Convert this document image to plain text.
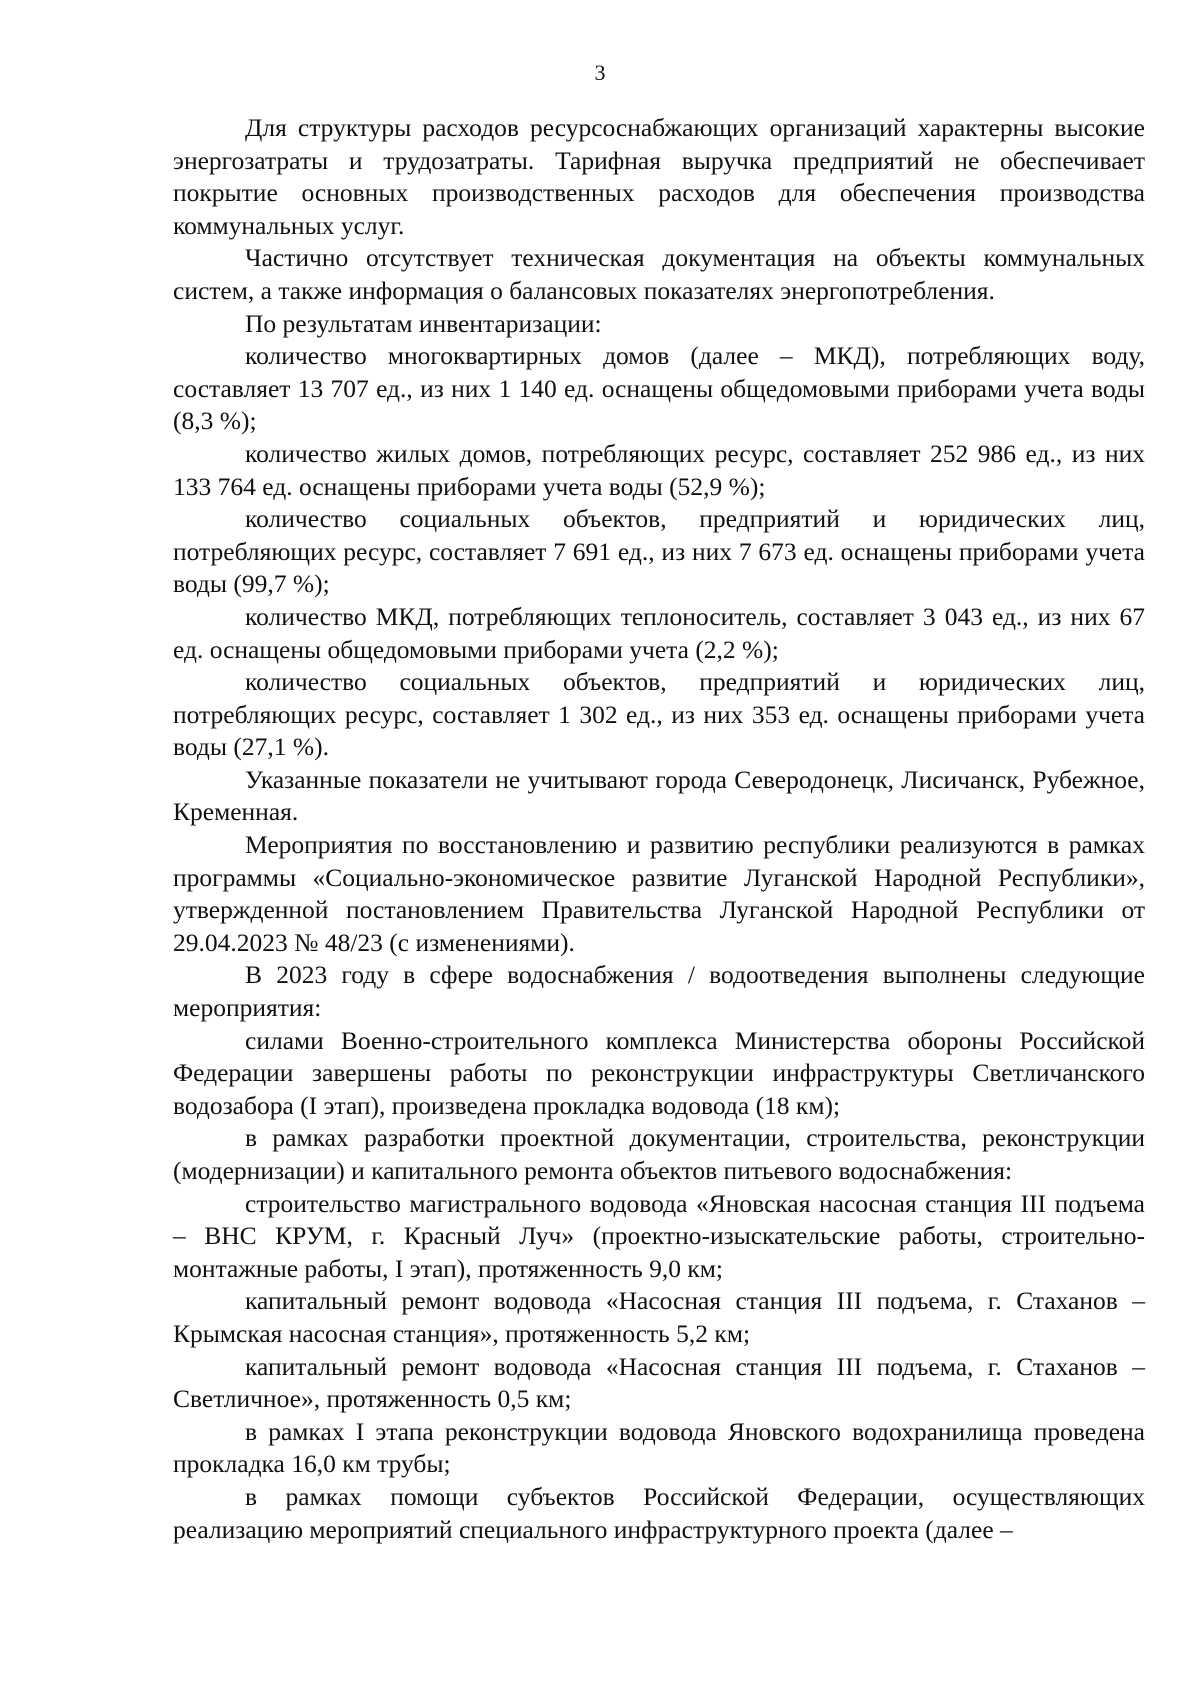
3

Для структуры расходов ресурсоснабжающих организаций характерны высокие энергозатраты и трудозатраты. Тарифная выручка предприятий не обеспечивает покрытие основных производственных расходов для обеспечения производства коммунальных услуг.

Частично отсутствует техническая документация на объекты коммунальных систем, а также информация о балансовых показателях энергопотребления.

По результатам инвентаризации:

количество многоквартирных домов (далее – МКД), потребляющих воду, составляет 13 707 ед., из них 1 140 ед. оснащены общедомовыми приборами учета воды (8,3 %);

количество жилых домов, потребляющих ресурс, составляет 252 986 ед., из них 133 764 ед. оснащены приборами учета воды (52,9 %);

количество социальных объектов, предприятий и юридических лиц, потребляющих ресурс, составляет 7 691 ед., из них 7 673 ед. оснащены приборами учета воды (99,7 %);

количество МКД, потребляющих теплоноситель, составляет 3 043 ед., из них 67 ед. оснащены общедомовыми приборами учета (2,2 %);

количество социальных объектов, предприятий и юридических лиц, потребляющих ресурс, составляет 1 302 ед., из них 353 ед. оснащены приборами учета воды (27,1 %).

Указанные показатели не учитывают города Северодонецк, Лисичанск, Рубежное, Кременная.

Мероприятия по восстановлению и развитию республики реализуются в рамках программы «Социально-экономическое развитие Луганской Народной Республики», утвержденной постановлением Правительства Луганской Народной Республики от 29.04.2023 № 48/23 (с изменениями).

В 2023 году в сфере водоснабжения / водоотведения выполнены следующие мероприятия:

силами Военно-строительного комплекса Министерства обороны Российской Федерации завершены работы по реконструкции инфраструктуры Светличанского водозабора (I этап), произведена прокладка водовода (18 км);

в рамках разработки проектной документации, строительства, реконструкции (модернизации) и капитального ремонта объектов питьевого водоснабжения:

строительство магистрального водовода «Яновская насосная станция III подъема – ВНС КРУМ, г. Красный Луч» (проектно-изыскательские работы, строительно-монтажные работы, I этап), протяженность 9,0 км;

капитальный ремонт водовода «Насосная станция III подъема, г. Стаханов – Крымская насосная станция», протяженность 5,2 км;

капитальный ремонт водовода «Насосная станция III подъема, г. Стаханов – Светличное», протяженность 0,5 км;

в рамках I этапа реконструкции водовода Яновского водохранилища проведена прокладка 16,0 км трубы;

в рамках помощи субъектов Российской Федерации, осуществляющих реализацию мероприятий специального инфраструктурного проекта (далее –
